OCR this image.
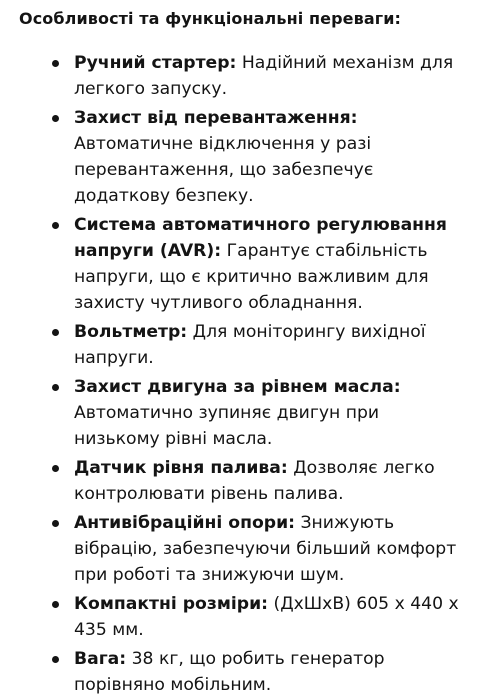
Особливості та функціональні переваги:
Ручний стартер: Надійний механізм для легкого запуску.
Захист від перевантаження: Автоматичне відключення у разі перевантаження, що забезпечує додаткову безпеку.
Система автоматичного регулювання напруги (AVR): Гарантує стабільність напруги, що є критично важливим для захисту чутливого обладнання.
Вольтметр: Для моніторингу вихідної напруги.
Захист двигуна за рівнем масла: Автоматично зупиняє двигун при низькому рівні масла.
Датчик рівня палива: Дозволяє легко контролювати рівень палива.
Антивібраційні опори: Знижують вібрацію, забезпечуючи більший комфорт при роботі та знижуючи шум.
Компактні розміри: (ДхШхВ) 605 х 440 х 435 мм.
Вага: 38 кг, що робить генератор порівняно мобільним.
